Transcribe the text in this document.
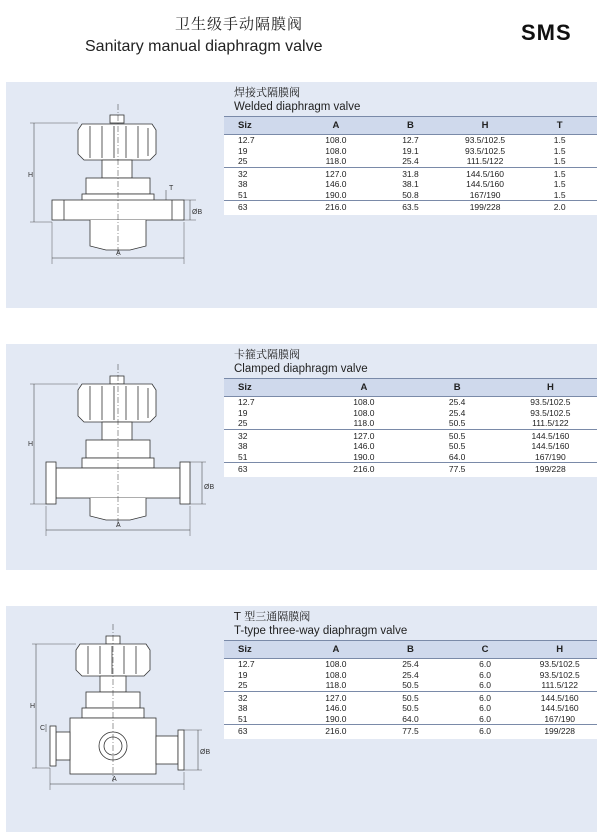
卫生级手动隔膜阀
Sanitary manual diaphragm valve
SMS
H
A
ØB
T
焊接式隔膜阀
Welded diaphragm valve
Siz	A	B	H	T
12.7	108.0	12.7	93.5/102.5	1.5
19	108.0	19.1	93.5/102.5	1.5
25	118.0	25.4	111.5/122	1.5
32	127.0	31.8	144.5/160	1.5
38	146.0	38.1	144.5/160	1.5
51	190.0	50.8	167/190	1.5
63	216.0	63.5	199/228	2.0
H
A
ØB
卡箍式隔膜阀
Clamped diaphragm valve
Siz	A	B	H
12.7	108.0	25.4	93.5/102.5
19	108.0	25.4	93.5/102.5
25	118.0	50.5	111.5/122
32	127.0	50.5	144.5/160
38	146.0	50.5	144.5/160
51	190.0	64.0	167/190
63	216.0	77.5	199/228
H
C
A
ØB
T 型三通隔膜阀
T-type three-way diaphragm valve
Siz	A	B	C	H
12.7	108.0	25.4	6.0	93.5/102.5
19	108.0	25.4	6.0	93.5/102.5
25	118.0	50.5	6.0	111.5/122
32	127.0	50.5	6.0	144.5/160
38	146.0	50.5	6.0	144.5/160
51	190.0	64.0	6.0	167/190
63	216.0	77.5	6.0	199/228
